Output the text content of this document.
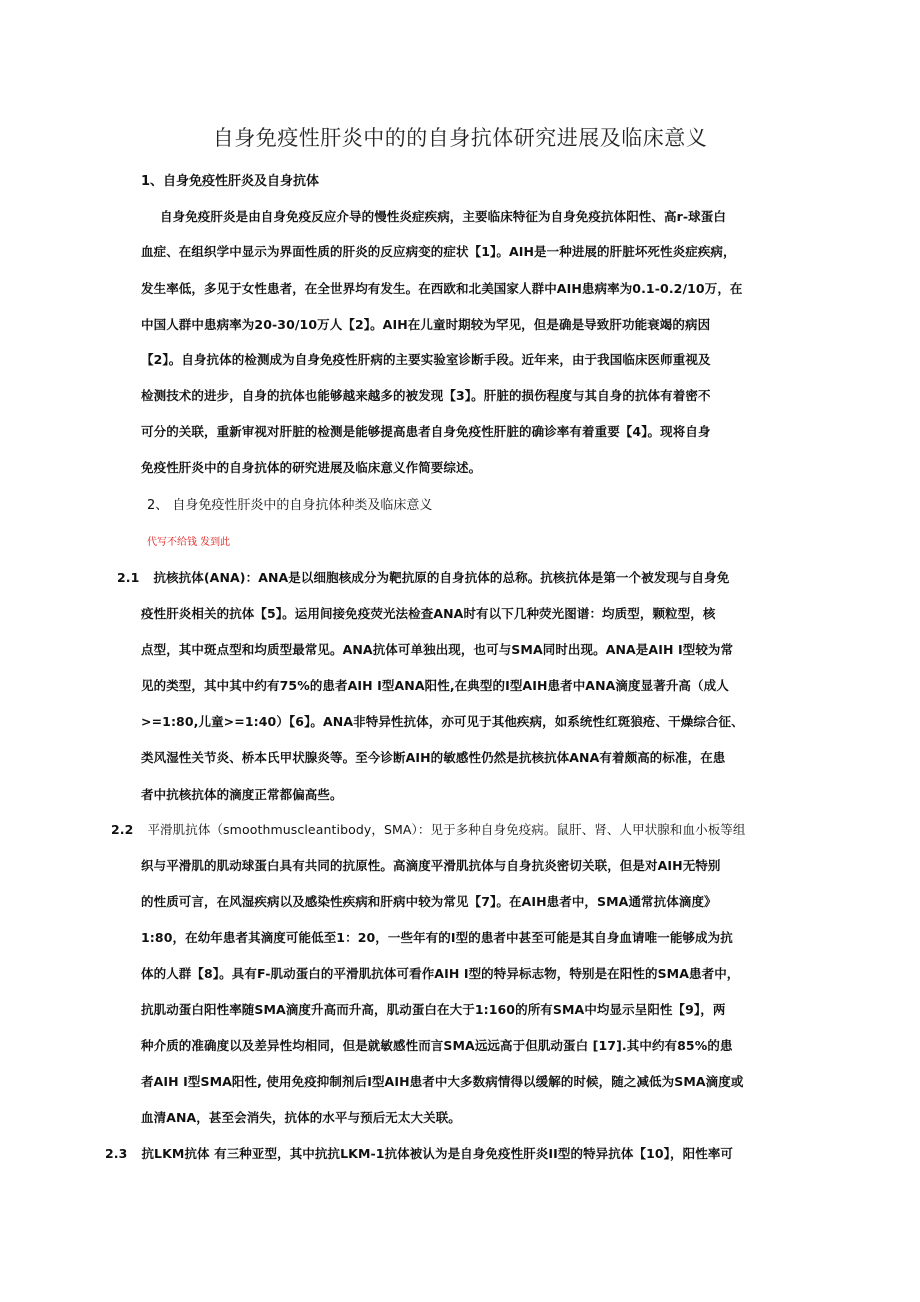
自身免疫性肝炎中的的自身抗体研究进展及临床意义
1、自身免疫性肝炎及自身抗体
自身免疫肝炎是由自身免疫反应介导的慢性炎症疾病，主要临床特征为自身免疫抗体阳性、高r-球蛋白
血症、在组织学中显示为界面性质的肝炎的反应病变的症状【1】。AIH是一种进展的肝脏坏死性炎症疾病，
发生率低，多见于女性患者，在全世界均有发生。在西欧和北美国家人群中AIH患病率为0.1-0.2/10万，在
中国人群中患病率为20-30/10万人【2】。AIH在儿童时期较为罕见，但是确是导致肝功能衰竭的病因
【2】。自身抗体的检测成为自身免疫性肝病的主要实验室诊断手段。近年来，由于我国临床医师重视及
检测技术的进步，自身的抗体也能够越来越多的被发现【3】。肝脏的损伤程度与其自身的抗体有着密不
可分的关联，重新审视对肝脏的检测是能够提高患者自身免疫性肝脏的确诊率有着重要【4】。现将自身
免疫性肝炎中的自身抗体的研究进展及临床意义作简要综述。
2、 自身免疫性肝炎中的自身抗体种类及临床意义
代写不给钱 发到此
2.1 抗核抗体(ANA)：ANA是以细胞核成分为靶抗原的自身抗体的总称。抗核抗体是第一个被发现与自身免
疫性肝炎相关的抗体【5】。运用间接免疫荧光法检查ANA时有以下几种荧光图谱：均质型，颗粒型，核
点型，其中斑点型和均质型最常见。ANA抗体可单独出现，也可与SMA同时出现。ANA是AIH I型较为常
见的类型，其中其中约有75%的患者AIH I型ANA阳性,在典型的I型AIH患者中ANA滴度显著升高（成人
>=1:80,儿童>=1:40）【6】。ANA非特异性抗体，亦可见于其他疾病，如系统性红斑狼疮、干燥综合征、
类风湿性关节炎、桥本氏甲状腺炎等。至今诊断AIH的敏感性仍然是抗核抗体ANA有着颇高的标准，在患
者中抗核抗体的滴度正常都偏高些。
2.2 平滑肌抗体（smoothmuscleantibody，SMA）：见于多种自身免疫病。鼠肝、肾、人甲状腺和血小板等组
织与平滑肌的肌动球蛋白具有共同的抗原性。高滴度平滑肌抗体与自身抗炎密切关联，但是对AIH无特别
的性质可言，在风湿疾病以及感染性疾病和肝病中较为常见【7】。在AIH患者中，SMA通常抗体滴度》
1:80，在幼年患者其滴度可能低至1：20，一些年有的I型的患者中甚至可能是其自身血请唯一能够成为抗
体的人群【8】。具有F-肌动蛋白的平滑肌抗体可看作AIH I型的特异标志物，特别是在阳性的SMA患者中，
抗肌动蛋白阳性率随SMA滴度升高而升高，肌动蛋白在大于1:160的所有SMA中均显示呈阳性【9】，两
种介质的准确度以及差异性均相同，但是就敏感性而言SMA远远高于但肌动蛋白 [17].其中约有85%的患
者AIH I型SMA阳性, 使用免疫抑制剂后I型AIH患者中大多数病情得以缓解的时候，随之减低为SMA滴度或
血清ANA，甚至会消失，抗体的水平与预后无太大关联。
2.3 抗LKM抗体 有三种亚型，其中抗抗LKM-1抗体被认为是自身免疫性肝炎II型的特异抗体【10】，阳性率可
